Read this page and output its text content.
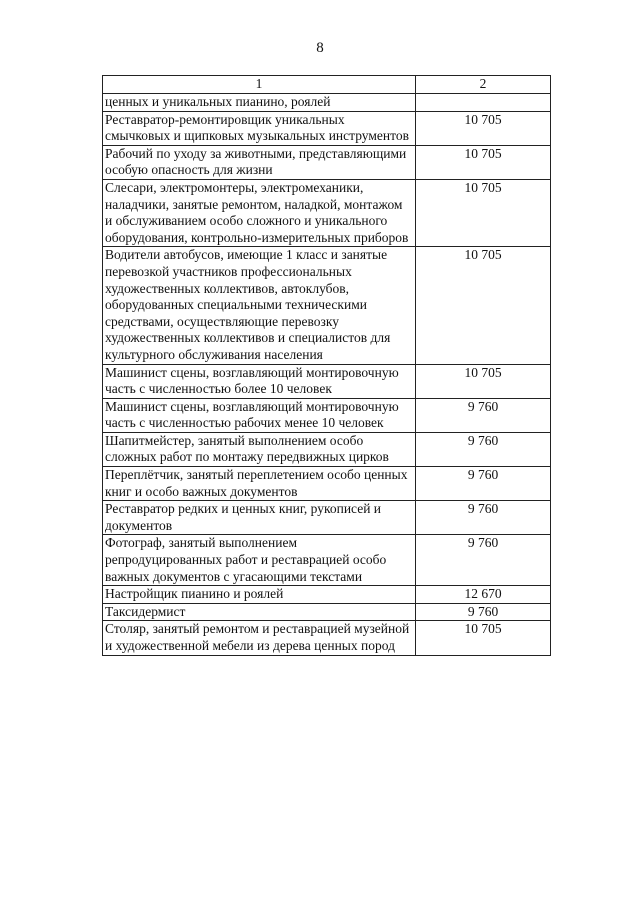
8
1	2
ценных и уникальных пианино, роялей	
Реставратор-ремонтировщик уникальных смычковых и щипковых музыкальных инструментов	10 705
Рабочий по уходу за животными, представляющими особую опасность для жизни	10 705
Слесари, электромонтеры, электромеханики, наладчики, занятые ремонтом, наладкой, монтажом и обслуживанием особо сложного и уникального оборудования, контрольно-измерительных приборов	10 705
Водители автобусов, имеющие 1 класс и занятые перевозкой участников профессиональных художественных коллективов, автоклубов, оборудованных специальными техническими средствами, осуществляющие перевозку художественных коллективов и специалистов для культурного обслуживания населения	10 705
Машинист сцены, возглавляющий монтировочную часть с численностью более 10 человек	10 705
Машинист сцены, возглавляющий монтировочную часть с численностью рабочих менее 10 человек	9 760
Шапитмейстер, занятый выполнением особо сложных работ по монтажу передвижных цирков	9 760
Переплётчик, занятый переплетением особо ценных книг и особо важных документов	9 760
Реставратор редких и ценных книг, рукописей и документов	9 760
Фотограф, занятый выполнением репродуцированных работ и реставрацией особо важных документов с угасающими текстами	9 760
Настройщик пианино и роялей	12 670
Таксидермист	9 760
Столяр, занятый ремонтом и реставрацией музейной и художественной мебели из дерева ценных пород	10 705
